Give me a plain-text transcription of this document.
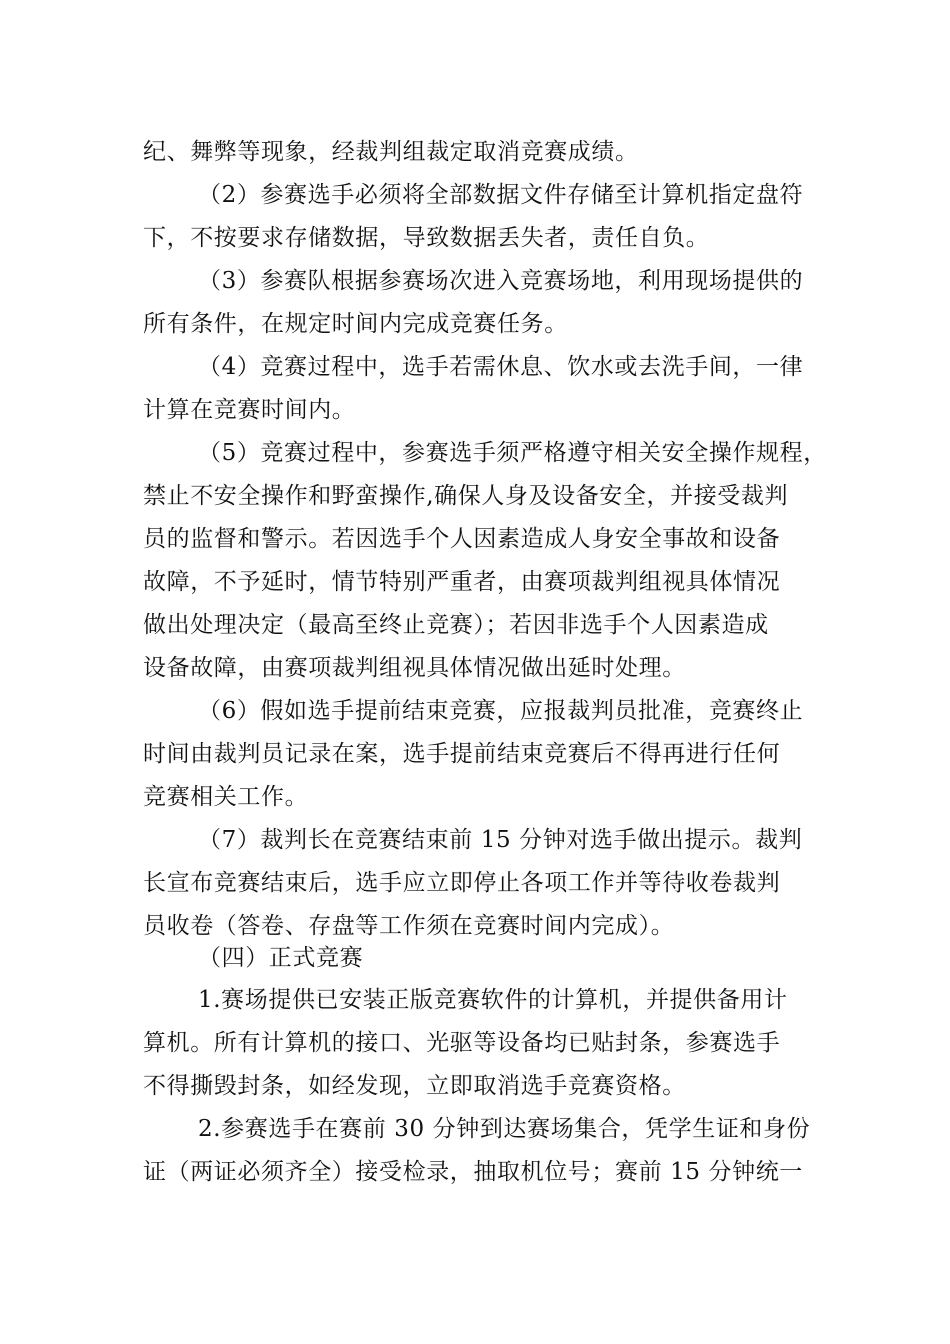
纪、舞弊等现象，经裁判组裁定取消竞赛成绩。
（2）参赛选手必须将全部数据文件存储至计算机指定盘符
下，不按要求存储数据，导致数据丢失者，责任自负。
（3）参赛队根据参赛场次进入竞赛场地，利用现场提供的
所有条件，在规定时间内完成竞赛任务。
（4）竞赛过程中，选手若需休息、饮水或去洗手间，一律
计算在竞赛时间内。
（5）竞赛过程中，参赛选手须严格遵守相关安全操作规程，
禁止不安全操作和野蛮操作,确保人身及设备安全，并接受裁判
员的监督和警示。若因选手个人因素造成人身安全事故和设备
故障，不予延时，情节特别严重者，由赛项裁判组视具体情况
做出处理决定（最高至终止竞赛）；若因非选手个人因素造成
设备故障，由赛项裁判组视具体情况做出延时处理。
（6）假如选手提前结束竞赛，应报裁判员批准，竞赛终止
时间由裁判员记录在案，选手提前结束竞赛后不得再进行任何
竞赛相关工作。
（7）裁判长在竞赛结束前 15 分钟对选手做出提示。裁判
长宣布竞赛结束后，选手应立即停止各项工作并等待收卷裁判
员收卷（答卷、存盘等工作须在竞赛时间内完成）。
（四）正式竞赛
1.赛场提供已安装正版竞赛软件的计算机，并提供备用计
算机。所有计算机的接口、光驱等设备均已贴封条，参赛选手
不得撕毁封条，如经发现，立即取消选手竞赛资格。
2.参赛选手在赛前 30 分钟到达赛场集合，凭学生证和身份
证（两证必须齐全）接受检录，抽取机位号；赛前 15 分钟统一
